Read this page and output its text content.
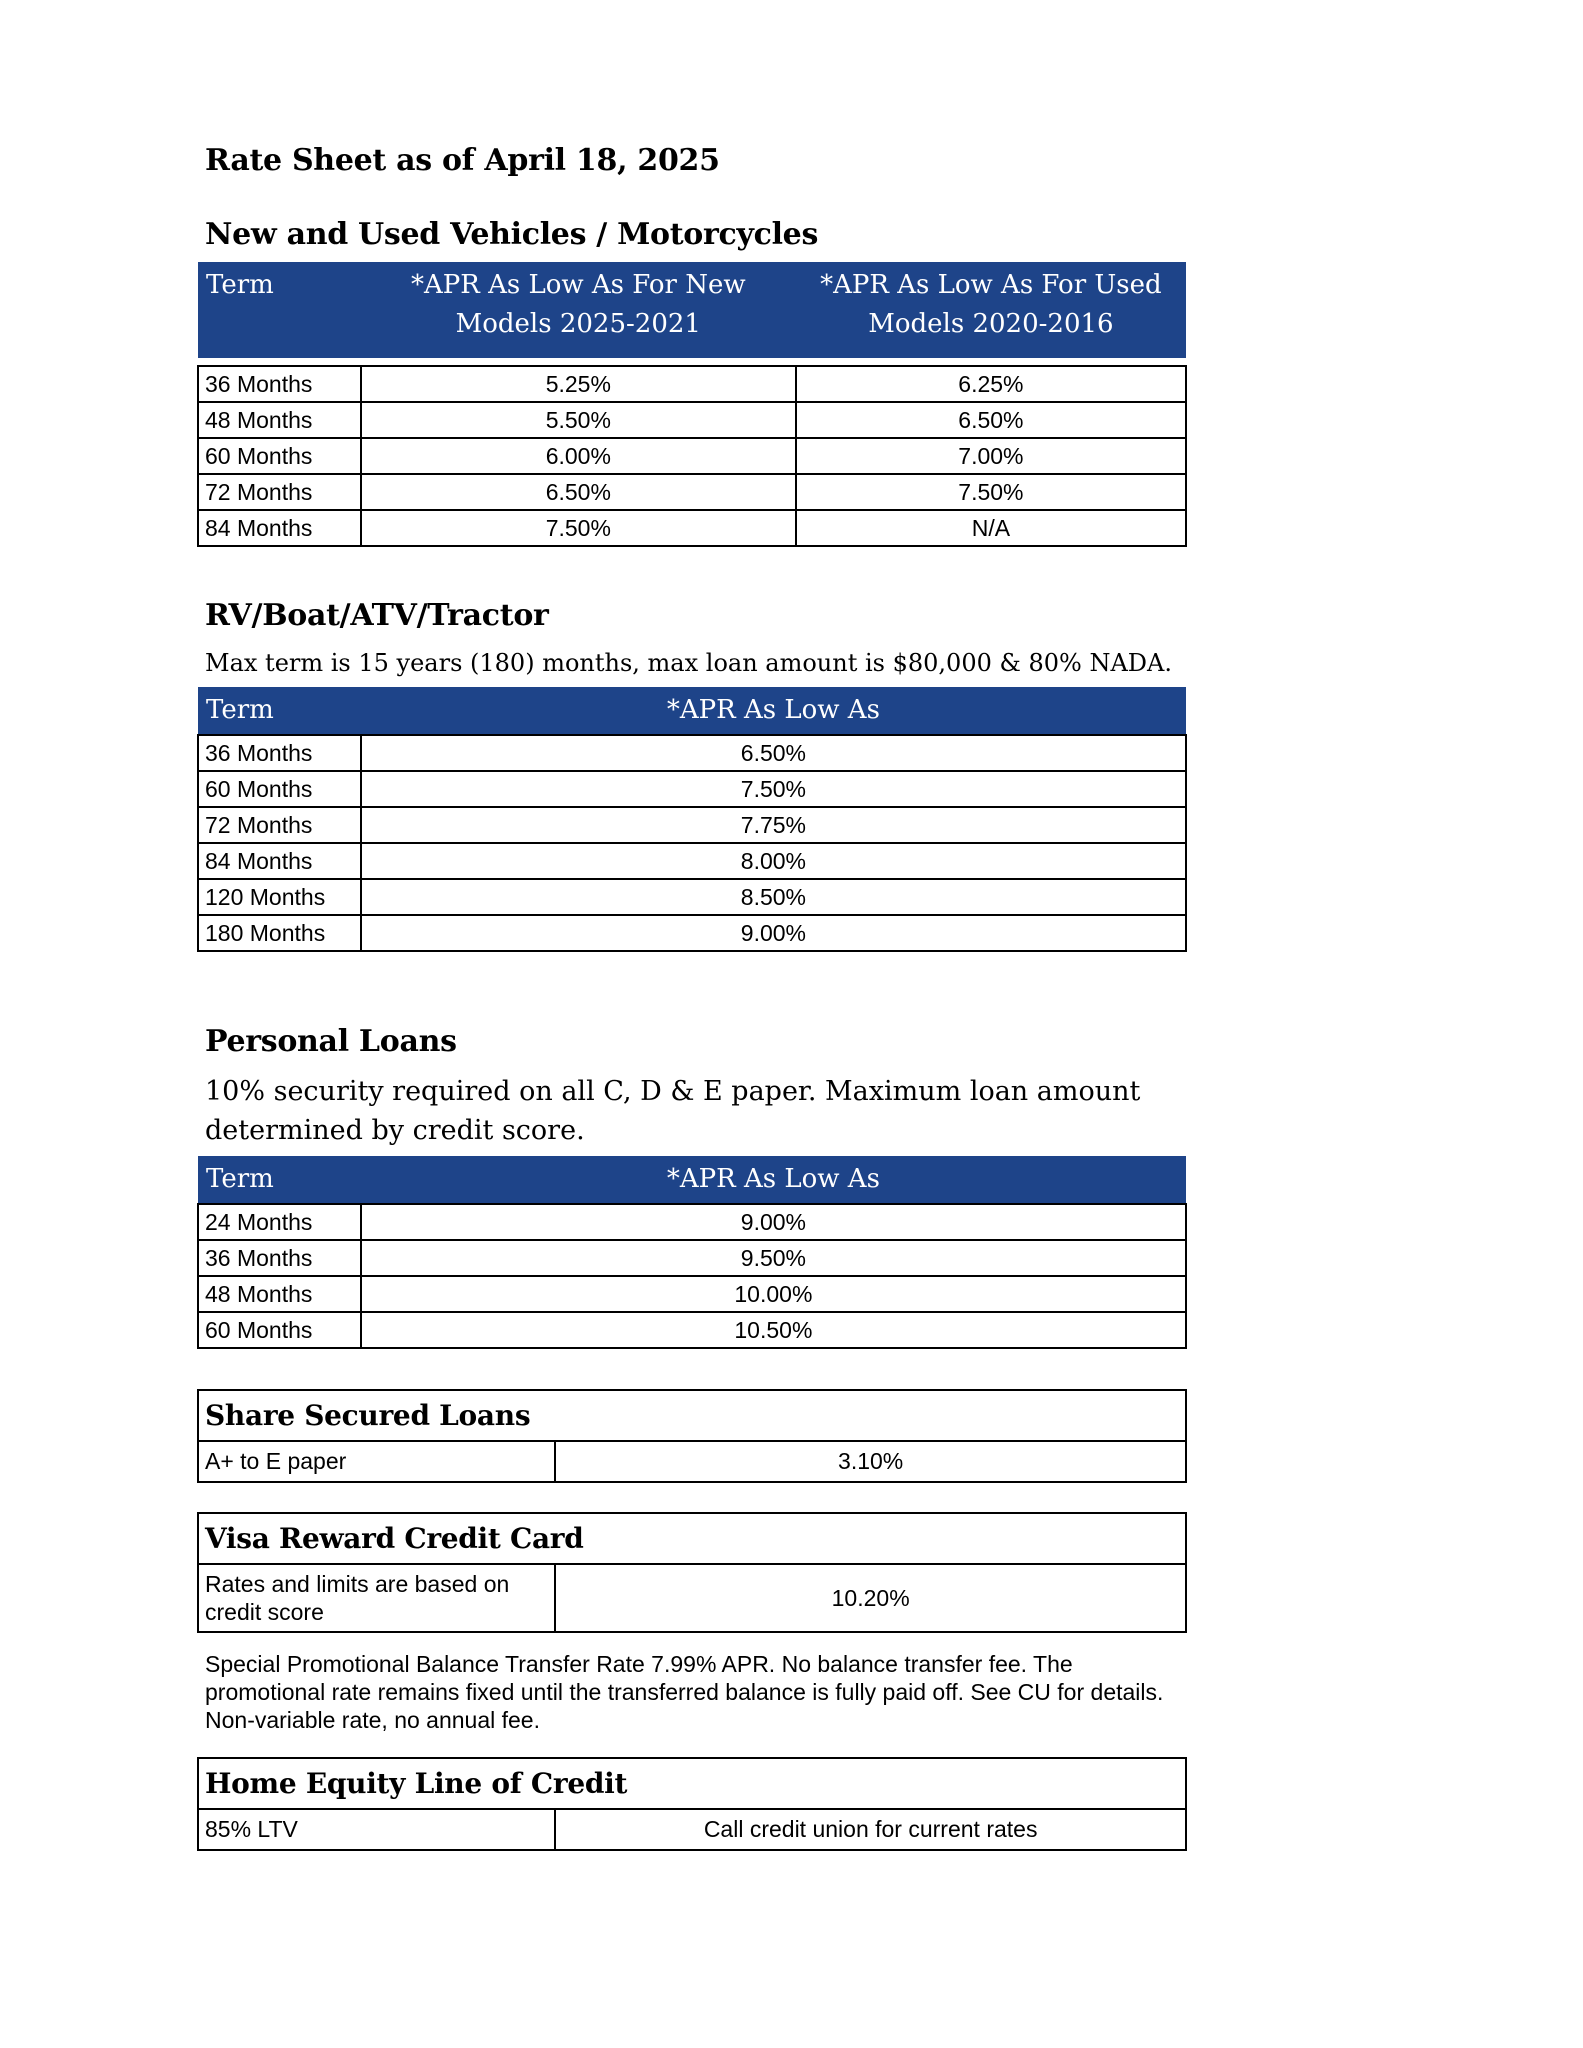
Rate Sheet as of April 18, 2025
New and Used Vehicles / Motorcycles
Term	*APR As Low As For New Models 2025-2021	*APR As Low As For Used Models 2020-2016

36 Months	5.25%	6.25%
48 Months	5.50%	6.50%
60 Months	6.00%	7.00%
72 Months	6.50%	7.50%
84 Months	7.50%	N/A
RV/Boat/ATV/Tractor
Max term is 15 years (180) months, max loan amount is $80,000 & 80% NADA.
Term	*APR As Low As
36 Months	6.50%
60 Months	7.50%
72 Months	7.75%
84 Months	8.00%
120 Months	8.50%
180 Months	9.00%
Personal Loans
10% security required on all C, D & E paper. Maximum loan amount determined by credit score.
Term	*APR As Low As
24 Months	9.00%
36 Months	9.50%
48 Months	10.00%
60 Months	10.50%
Share Secured Loans
A+ to E paper	3.10%
Visa Reward Credit Card
Rates and limits are based on credit score	10.20%
Special Promotional Balance Transfer Rate 7.99% APR. No balance transfer fee. The promotional rate remains fixed until the transferred balance is fully paid off. See CU for details. Non-variable rate, no annual fee.
Home Equity Line of Credit
85% LTV	Call credit union for current rates
